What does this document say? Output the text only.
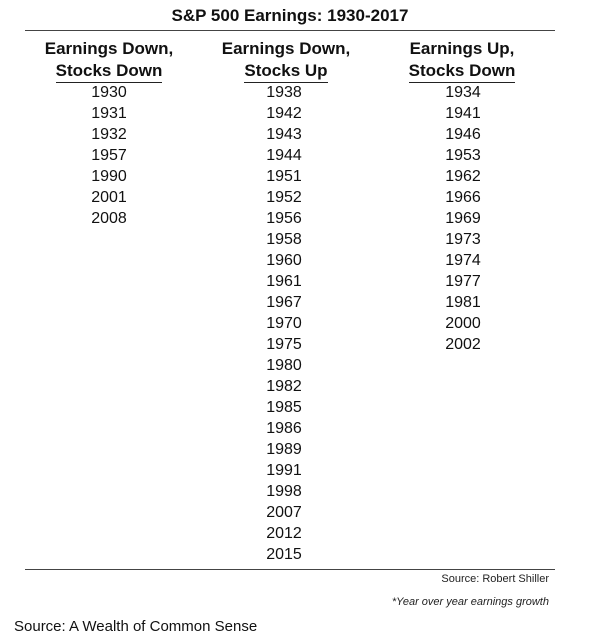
S&P 500 Earnings: 1930-2017
Earnings Down,
Stocks Down
Earnings Down,
Stocks Up
Earnings Up,
Stocks Down
1930
1931
1932
1957
1990
2001
2008
1938
1942
1943
1944
1951
1952
1956
1958
1960
1961
1967
1970
1975
1980
1982
1985
1986
1989
1991
1998
2007
2012
2015
1934
1941
1946
1953
1962
1966
1969
1973
1974
1977
1981
2000
2002
Source: Robert Shiller
*Year over year earnings growth
Source: A Wealth of Common Sense
